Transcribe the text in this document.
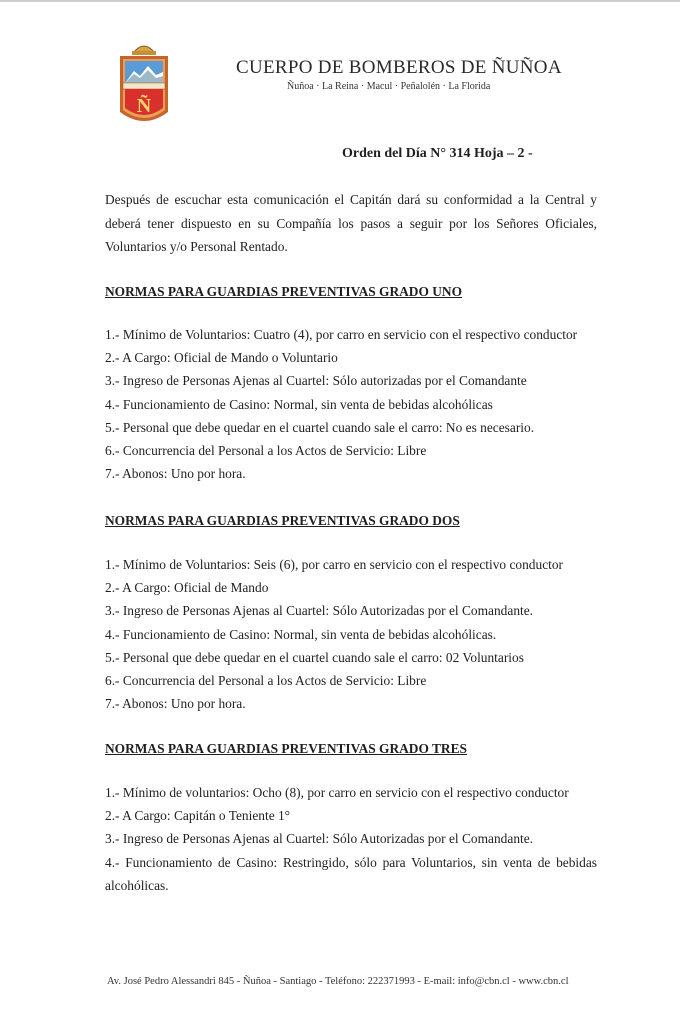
Ñ
CUERPO DE BOMBEROS DE ÑUÑOA
Ñuñoa · La Reina · Macul · Peñalolén · La Florida
Orden del Día N° 314 Hoja – 2 -
Después de escuchar esta comunicación el Capitán dará su conformidad a la Central y deberá tener dispuesto en su Compañía los pasos a seguir por los Señores Oficiales, Voluntarios y/o Personal Rentado.
NORMAS PARA GUARDIAS PREVENTIVAS GRADO UNO
1.- Mínimo de Voluntarios: Cuatro (4), por carro en servicio con el respectivo conductor
2.- A Cargo: Oficial de Mando o Voluntario
3.- Ingreso de Personas Ajenas al Cuartel: Sólo autorizadas por el Comandante
4.- Funcionamiento de Casino: Normal, sin venta de bebidas alcohólicas
5.- Personal que debe quedar en el cuartel cuando sale el carro: No es necesario.
6.- Concurrencia del Personal a los Actos de Servicio: Libre
7.- Abonos: Uno por hora.
NORMAS PARA GUARDIAS PREVENTIVAS GRADO DOS
1.- Mínimo de Voluntarios: Seis (6), por carro en servicio con el respectivo conductor
2.- A Cargo: Oficial de Mando
3.- Ingreso de Personas Ajenas al Cuartel: Sólo Autorizadas por el Comandante.
4.- Funcionamiento de Casino: Normal, sin venta de bebidas alcohólicas.
5.- Personal que debe quedar en el cuartel cuando sale el carro: 02 Voluntarios
6.- Concurrencia del Personal a los Actos de Servicio: Libre
7.- Abonos: Uno por hora.
NORMAS PARA GUARDIAS PREVENTIVAS GRADO TRES
1.- Mínimo de voluntarios: Ocho (8), por carro en servicio con el respectivo conductor
2.- A Cargo: Capitán o Teniente 1°
3.- Ingreso de Personas Ajenas al Cuartel: Sólo Autorizadas por el Comandante.
4.- Funcionamiento de Casino: Restringido, sólo para Voluntarios, sin venta de bebidas alcohólicas.
Av. José Pedro Alessandri 845 - Ñuñoa - Santiago - Teléfono: 222371993 - E-mail: info@cbn.cl - www.cbn.cl
